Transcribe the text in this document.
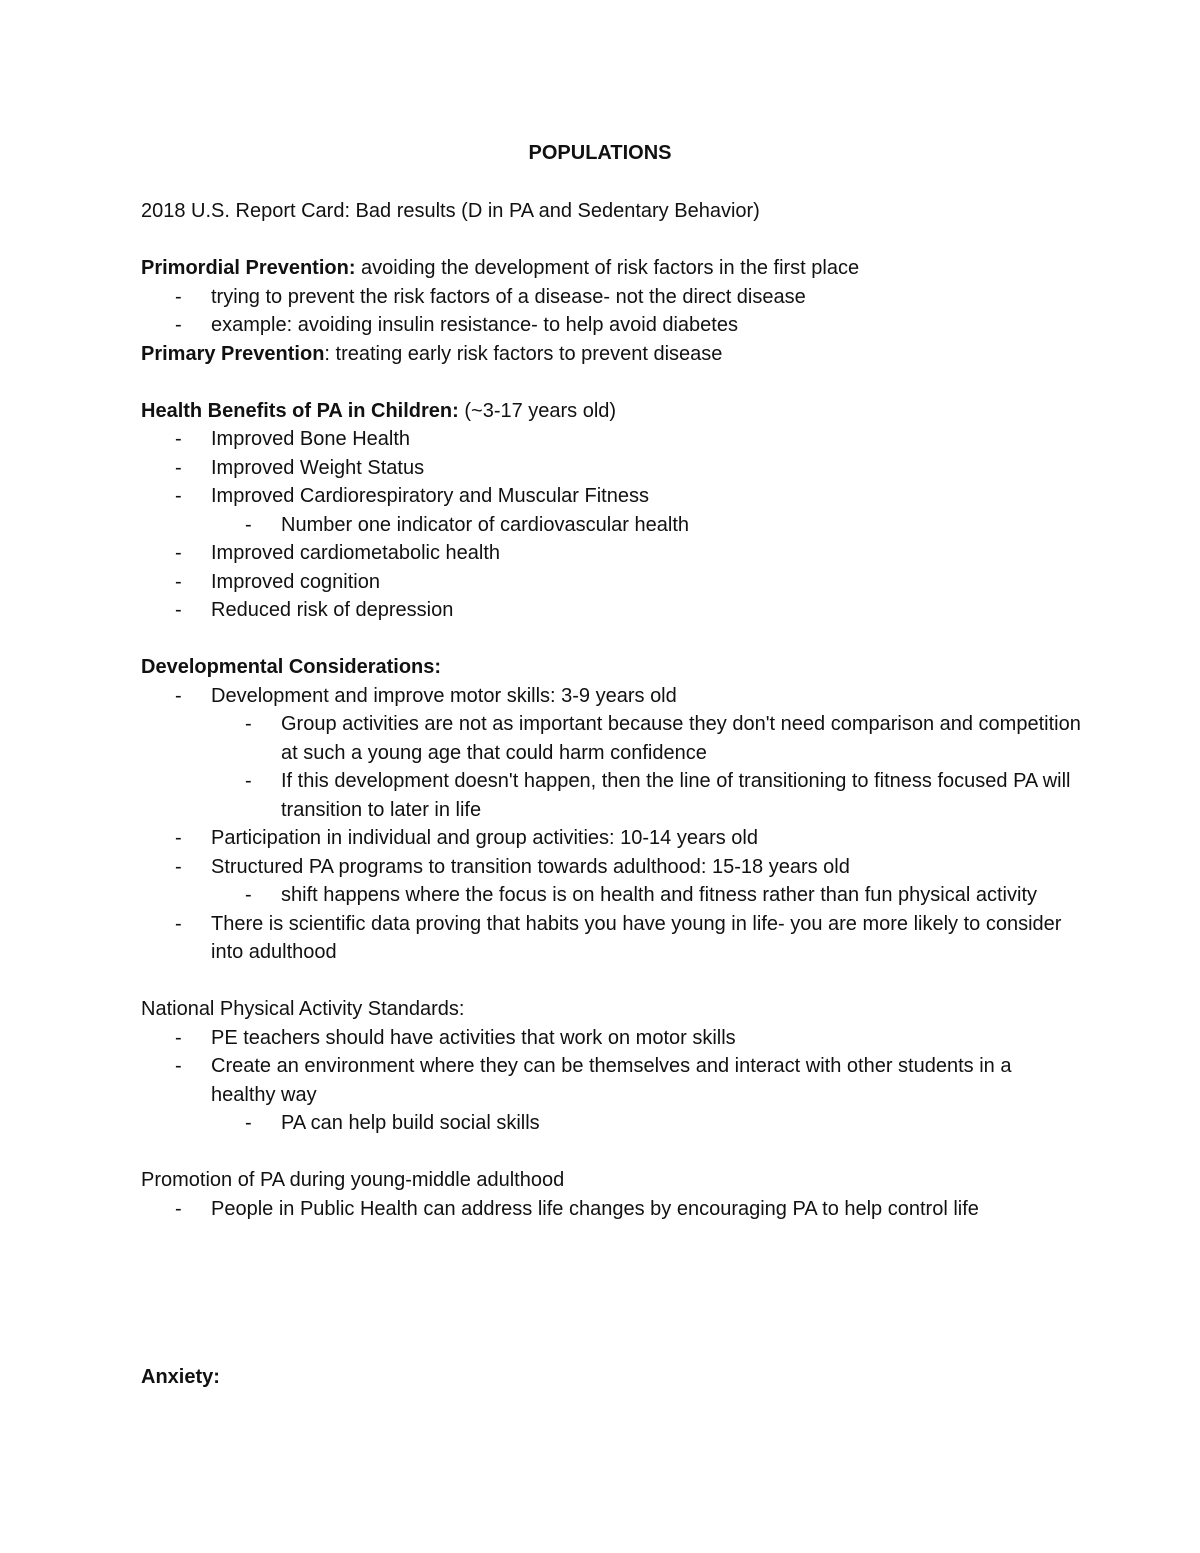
POPULATIONS

2018 U.S. Report Card: Bad results (D in PA and Sedentary Behavior)

Primordial Prevention: avoiding the development of risk factors in the first place

- trying to prevent the risk factors of a disease- not the direct disease
- example: avoiding insulin resistance- to help avoid diabetes

Primary Prevention: treating early risk factors to prevent disease

Health Benefits of PA in Children: (~3-17 years old)

- Improved Bone Health
- Improved Weight Status
- Improved Cardiorespiratory and Muscular Fitness
- Number one indicator of cardiovascular health
- Improved cardiometabolic health
- Improved cognition
- Reduced risk of depression

Developmental Considerations:

- Development and improve motor skills: 3-9 years old
- Group activities are not as important because they don't need comparison and competition at such a young age that could harm confidence
- If this development doesn't happen, then the line of transitioning to fitness focused PA will transition to later in life
- Participation in individual and group activities: 10-14 years old
- Structured PA programs to transition towards adulthood: 15-18 years old
- shift happens where the focus is on health and fitness rather than fun physical activity
- There is scientific data proving that habits you have young in life- you are more likely to consider into adulthood

National Physical Activity Standards:

- PE teachers should have activities that work on motor skills
- Create an environment where they can be themselves and interact with other students in a healthy way
- PA can help build social skills

Promotion of PA during young-middle adulthood

- People in Public Health can address life changes by encouraging PA to help control life

Anxiety:
